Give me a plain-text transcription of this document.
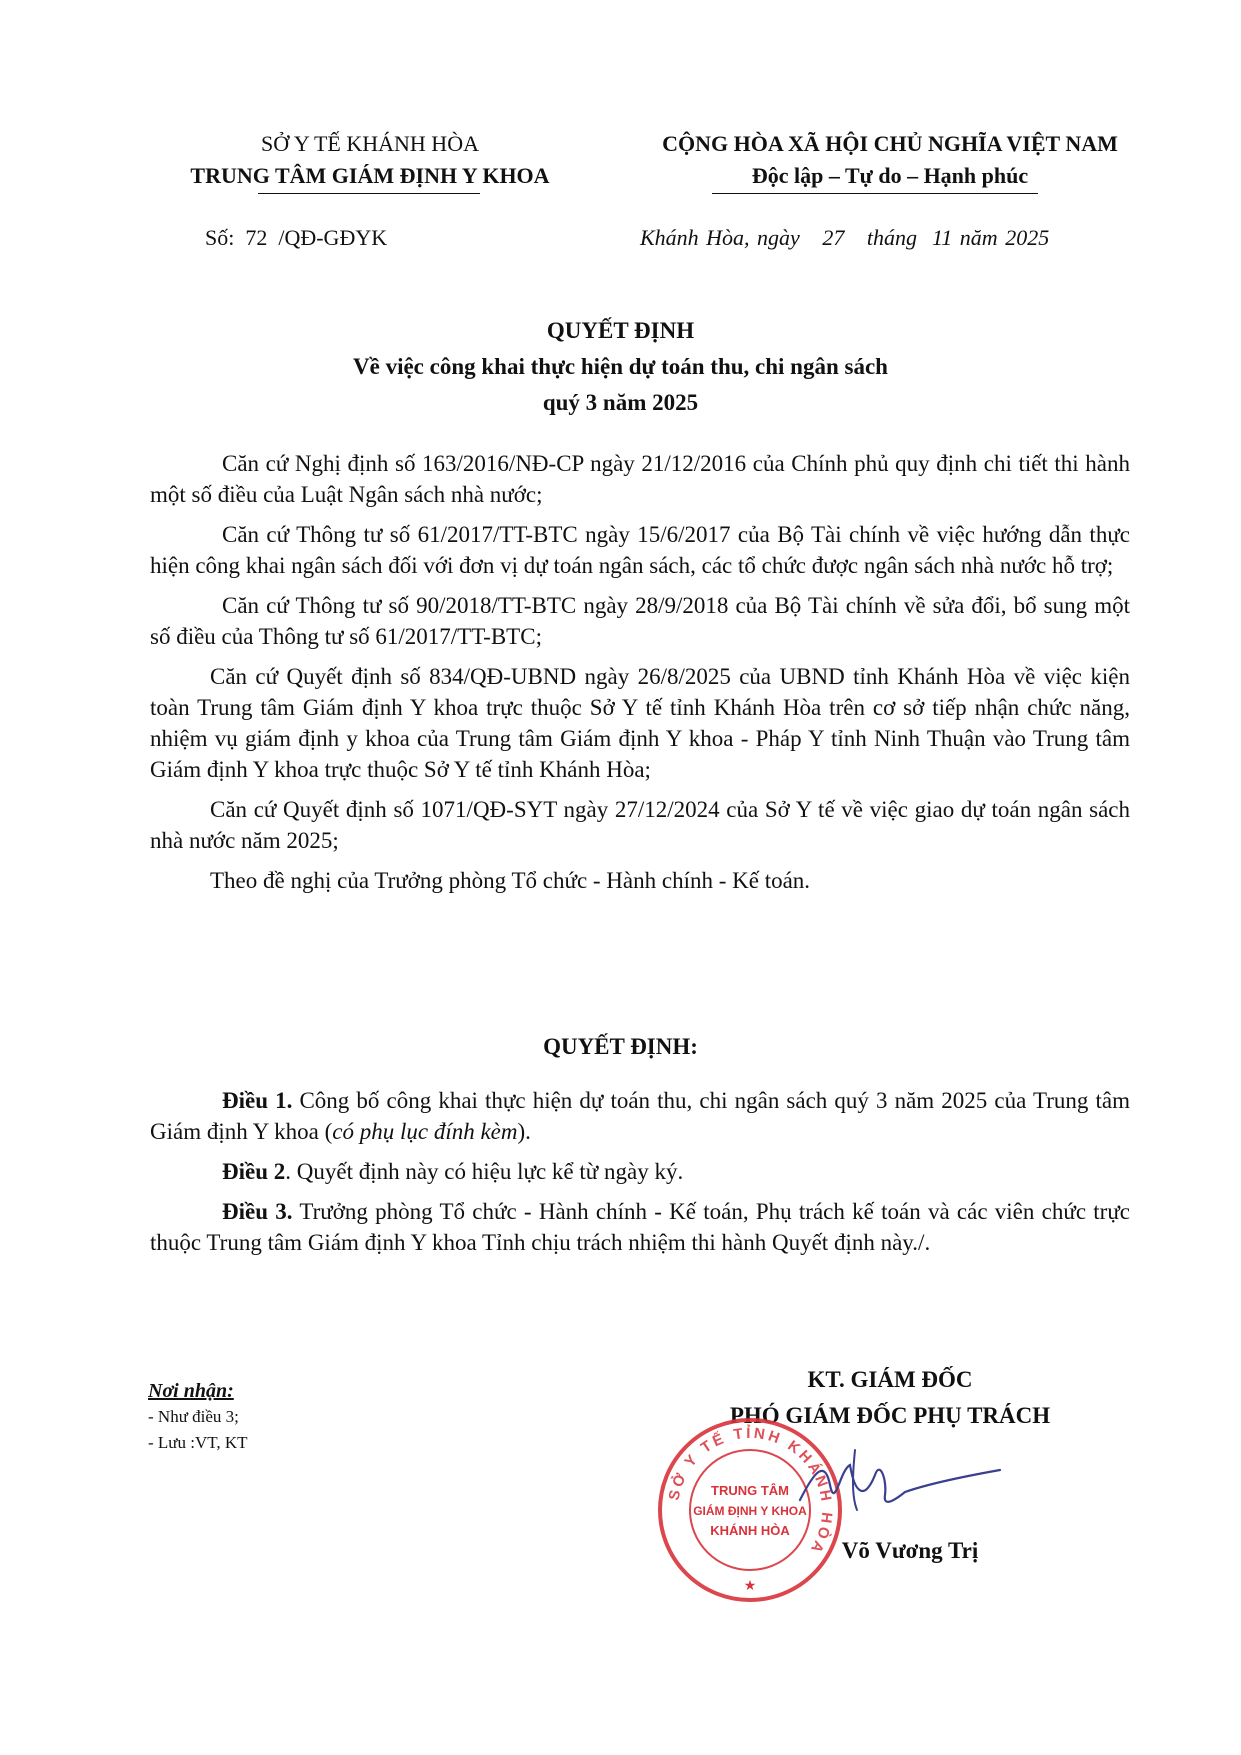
SỞ Y TẾ KHÁNH HÒA
TRUNG TÂM GIÁM ĐỊNH Y KHOA
CỘNG HÒA XÃ HỘI CHỦ NGHĨA VIỆT NAM
Độc lập – Tự do – Hạnh phúc
Số:  72  /QĐ-GĐYK	Khánh Hòa, ngày   27   tháng  11 năm 2025
QUYẾT ĐỊNH
Về việc công khai thực hiện dự toán thu, chi ngân sách
quý 3 năm 2025

Căn cứ Nghị định số 163/2016/NĐ-CP ngày 21/12/2016 của Chính phủ quy định chi tiết thi hành một số điều của Luật Ngân sách nhà nước;

Căn cứ Thông tư số 61/2017/TT-BTC ngày 15/6/2017 của Bộ Tài chính về việc hướng dẫn thực hiện công khai ngân sách đối với đơn vị dự toán ngân sách, các tổ chức được ngân sách nhà nước hỗ trợ;

Căn cứ Thông tư số 90/2018/TT-BTC ngày 28/9/2018 của Bộ Tài chính về sửa đổi, bổ sung một số điều của Thông tư số 61/2017/TT-BTC;

Căn cứ Quyết định số 834/QĐ-UBND ngày 26/8/2025 của UBND tỉnh Khánh Hòa về việc kiện toàn Trung tâm Giám định Y khoa trực thuộc Sở Y tế tỉnh Khánh Hòa trên cơ sở tiếp nhận chức năng, nhiệm vụ giám định y khoa của Trung tâm Giám định Y khoa - Pháp Y tỉnh Ninh Thuận vào Trung tâm Giám định Y khoa trực thuộc Sở Y tế tỉnh Khánh Hòa;

Căn cứ Quyết định số 1071/QĐ-SYT ngày 27/12/2024 của Sở Y tế về việc giao dự toán ngân sách nhà nước năm 2025;

Theo đề nghị của Trưởng phòng Tổ chức - Hành chính - Kế toán.

QUYẾT ĐỊNH:

Điều 1. Công bố công khai thực hiện dự toán thu, chi ngân sách quý 3 năm 2025 của Trung tâm Giám định Y khoa (có phụ lục đính kèm).

Điều 2. Quyết định này có hiệu lực kể từ ngày ký.

Điều 3. Trưởng phòng Tổ chức - Hành chính - Kế toán, Phụ trách kế toán và các viên chức trực thuộc Trung tâm Giám định Y khoa Tỉnh chịu trách nhiệm thi hành Quyết định này./.

Nơi nhận:
- Như điều 3;
- Lưu :VT, KT
KT. GIÁM ĐỐC
PHÓ GIÁM ĐỐC PHỤ TRÁCH
SỞ Y TẾ TỈNH KHÁNH HÒA
TRUNG TÂM
GIÁM ĐỊNH Y KHOA
KHÁNH HÒA
★
Võ Vương Trị
